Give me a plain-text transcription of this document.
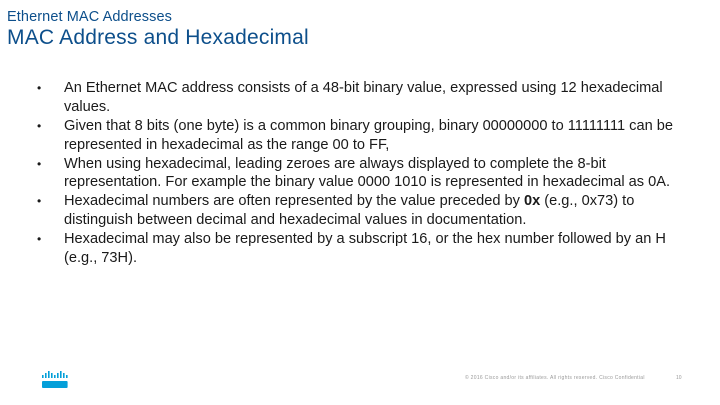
Ethernet MAC Addresses
MAC Address and Hexadecimal
• An Ethernet MAC address consists of a 48-bit binary value, expressed using 12 hexadecimal values.
• Given that 8 bits (one byte) is a common binary grouping, binary 00000000 to 11111111 can be represented in hexadecimal as the range 00 to FF,
• When using hexadecimal, leading zeroes are always displayed to complete the 8-bit representation. For example the binary value 0000 1010 is represented in hexadecimal as 0A.
• Hexadecimal numbers are often represented by the value preceded by 0x (e.g., 0x73) to distinguish between decimal and hexadecimal values in documentation.
• Hexadecimal may also be represented by a subscript 16, or the hex number followed by an H (e.g., 73H).
© 2016 Cisco and/or its affiliates. All rights reserved. Cisco Confidential	10
